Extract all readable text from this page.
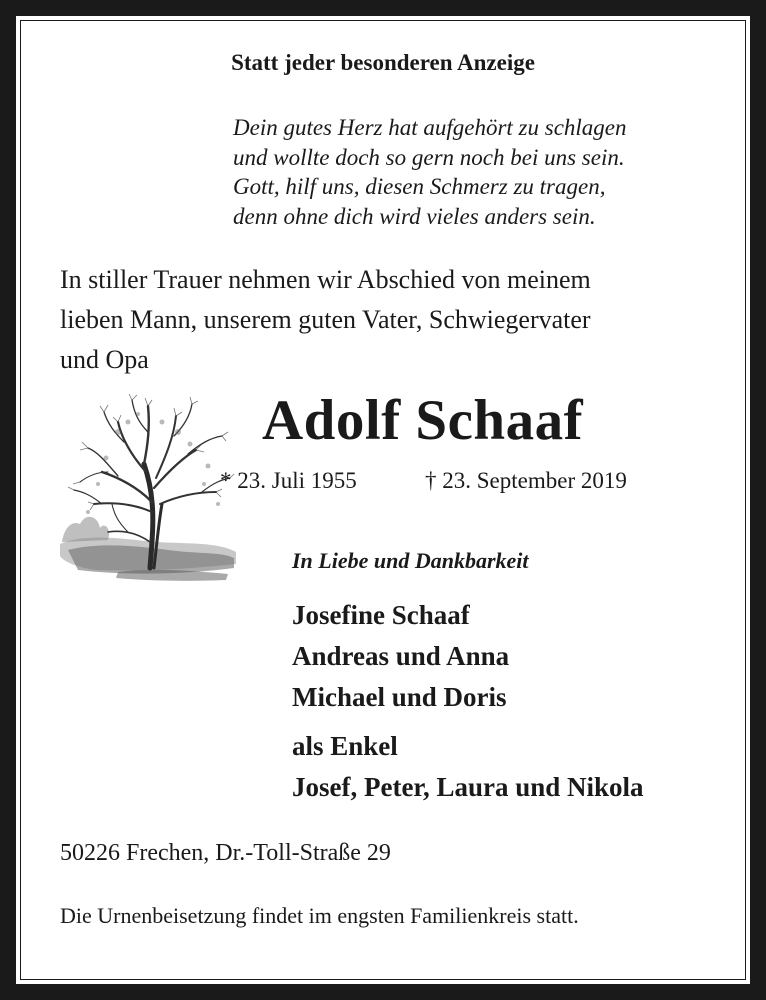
Statt jeder besonderen Anzeige
Dein gutes Herz hat aufgehört zu schlagen
und wollte doch so gern noch bei uns sein.
Gott, hilf uns, diesen Schmerz zu tragen,
denn ohne dich wird vieles anders sein.
In stiller Trauer nehmen wir Abschied von meinem
lieben Mann, unserem guten Vater, Schwiegervater
und Opa
Adolf Schaaf
* 23. Juli 1955	† 23. September 2019
In Liebe und Dankbarkeit
Josefine Schaaf
Andreas und Anna
Michael und Doris
als Enkel
Josef, Peter, Laura und Nikola
50226 Frechen, Dr.-Toll-Straße 29
Die Urnenbeisetzung findet im engsten Familienkreis statt.
